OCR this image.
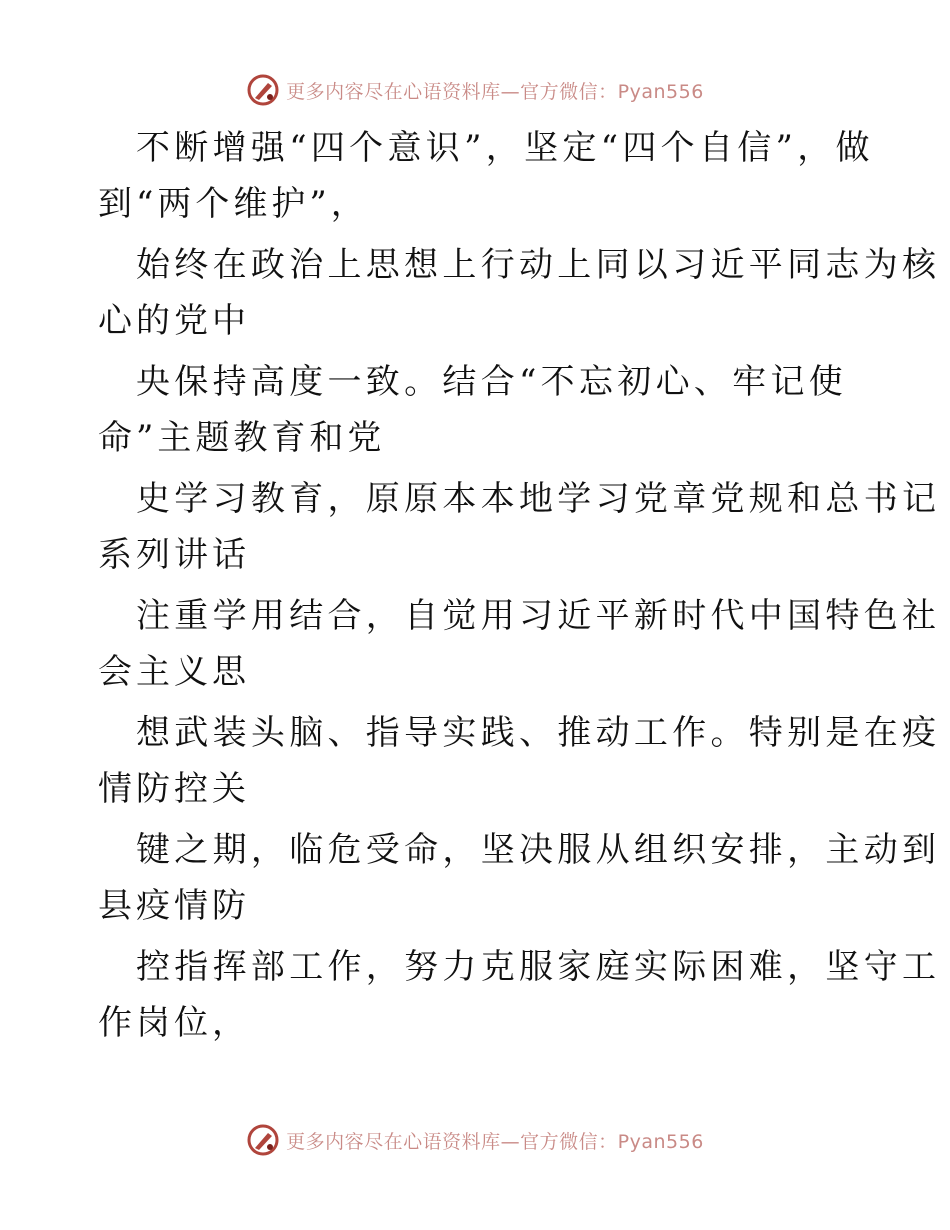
更多内容尽在心语资料库—官方微信：Pyan556
不断增强“四个意识”，坚定“四个自信”，做
到“两个维护”，
始终在政治上思想上行动上同以习近平同志为核
心的党中
央保持高度一致。结合“不忘初心、牢记使
命”主题教育和党
史学习教育，原原本本地学习党章党规和总书记
系列讲话
注重学用结合，自觉用习近平新时代中国特色社
会主义思
想武装头脑、指导实践、推动工作。特别是在疫
情防控关
键之期，临危受命，坚决服从组织安排，主动到
县疫情防
控指挥部工作，努力克服家庭实际困难，坚守工
作岗位，
更多内容尽在心语资料库—官方微信：Pyan556
